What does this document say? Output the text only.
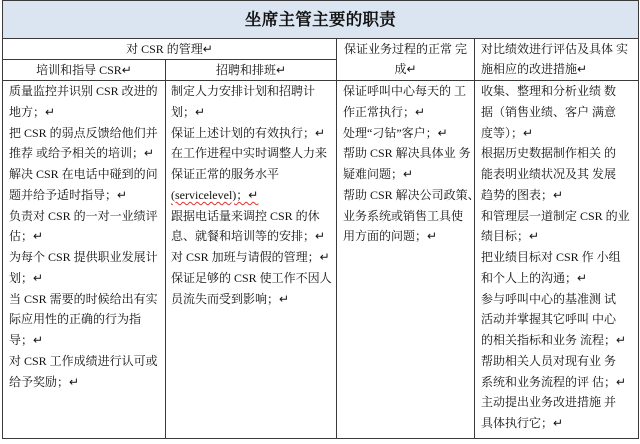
坐席主管主要的职责
对 CSR 的管理↵
培训和指导 CSR↵	招聘和排班↵
保证业务过程的正常 完
成↵
对比绩效进行评估及具体 实
施相应的改进措施↵
质量监控并识别 CSR 改进的
地方；↵
把 CSR 的弱点反馈给他们并
推荐 或给予相关的培训；↵
解决 CSR 在电话中碰到的问
题并给予适时指导；↵
负责对 CSR 的一对一业绩评
估；↵
为每个 CSR 提供职业发展计
划；↵
当 CSR 需要的时候给出有实
际应用性的正确的行为指
导；↵
对 CSR 工作成绩进行认可或
给予奖励；↵
制定人力安排计划和招聘计
划；↵
保证上述计划的有效执行；↵
在工作进程中实时调整人力来
保证正常的服务水平
(servicelevel)；↵
跟据电话量来调控 CSR 的休
息、就餐和培训等的安排；↵
对 CSR 加班与请假的管理；↵
保证足够的 CSR 使工作不因人
员流失而受到影响；↵
保证呼叫中心每天的 工
作正常执行；↵
处理“刁钻”客户；↵
帮助 CSR 解决具体业 务
疑难问题；↵
帮助 CSR 解决公司政策、
业务系统或销售工具使
用方面的问题；↵
收集、整理和分析业绩 数
据（销售业绩、客户 满意
度等）；↵
根据历史数据制作相关 的
能表明业绩状况及其 发展
趋势的图表；↵
和管理层一道制定 CSR 的业
绩目标；↵
把业绩目标对 CSR 作 小组
和个人上的沟通；↵
参与呼叫中心的基准测 试
活动并掌握其它呼叫 中心
的相关指标和业务 流程；↵
帮助相关人员对现有业 务
系统和业务流程的评 估；↵
主动提出业务改进措施 并
具体执行它；↵
